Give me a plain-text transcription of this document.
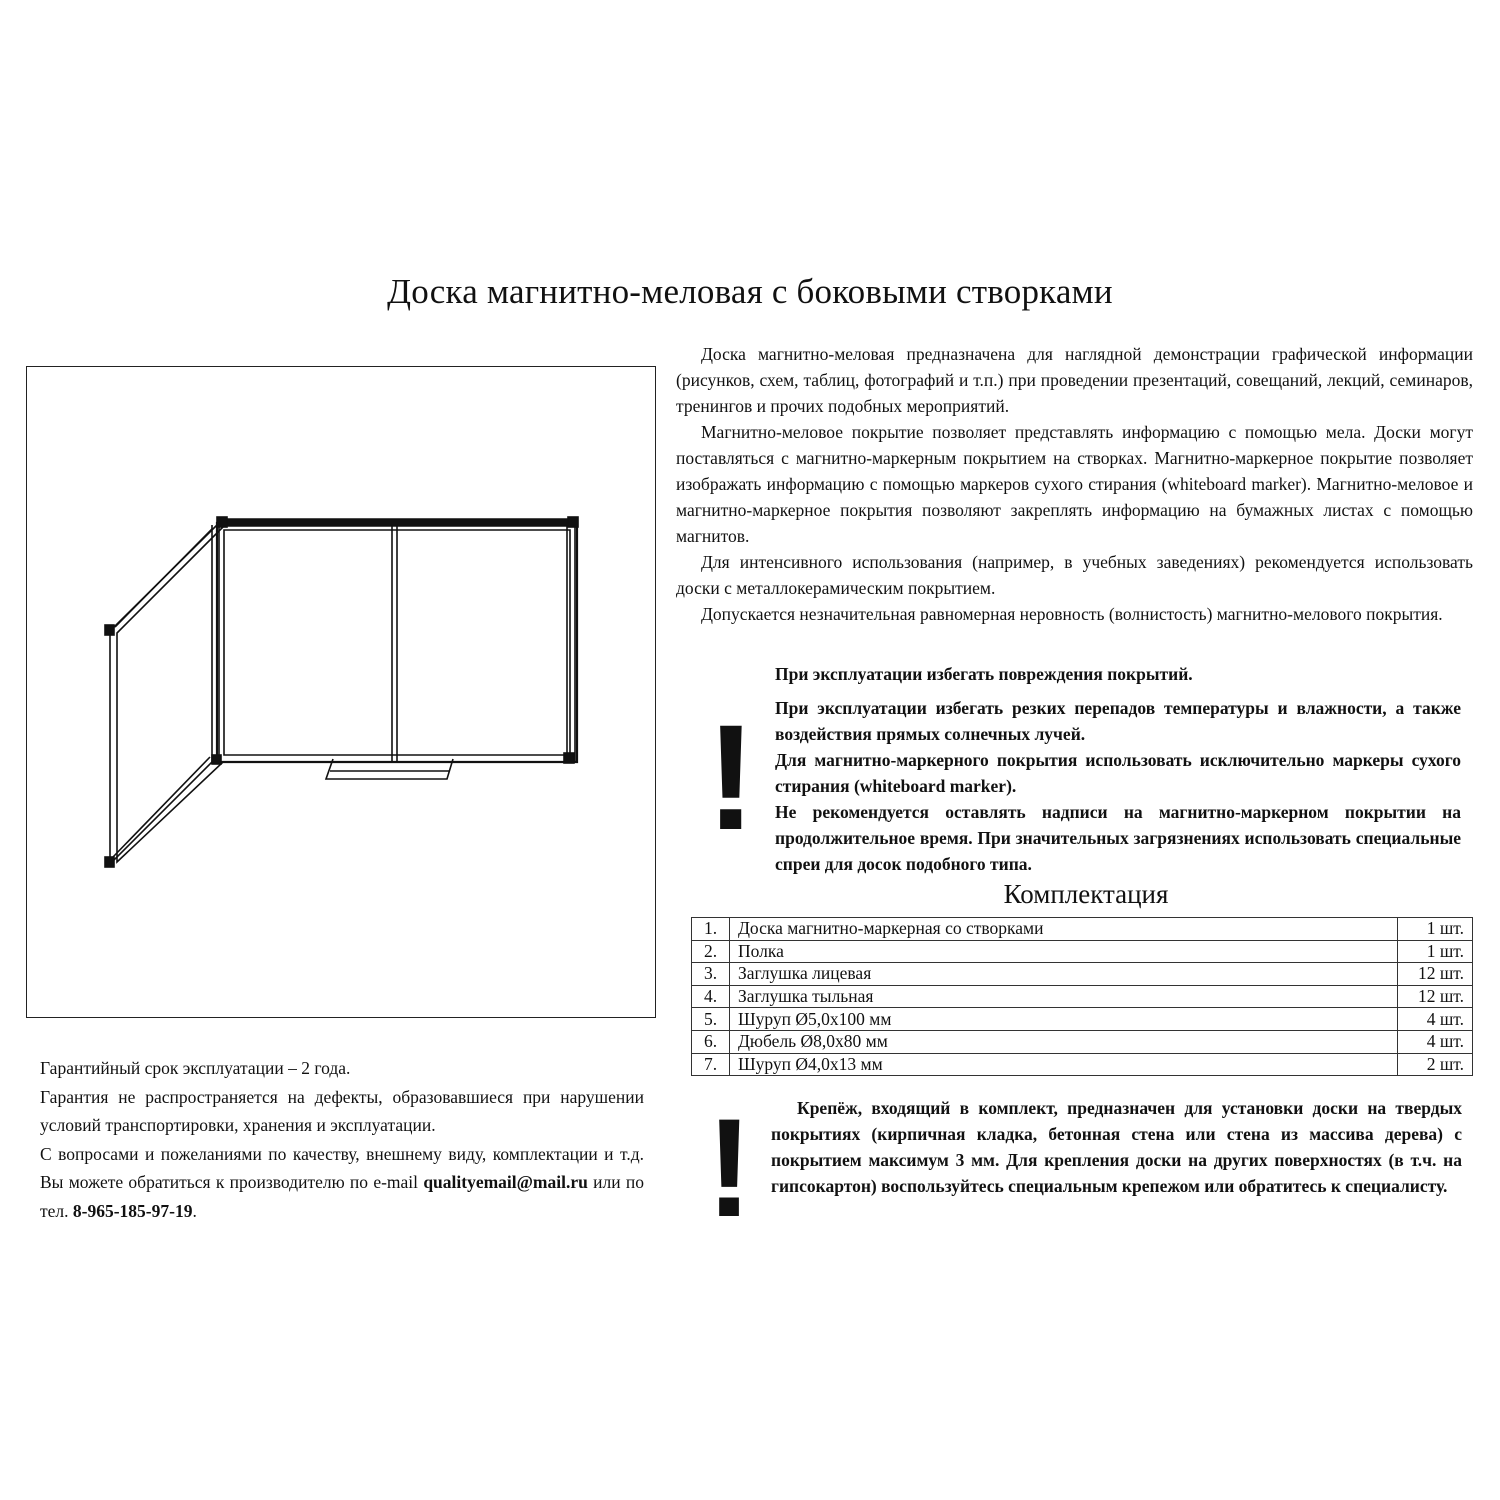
Доска магнитно-меловая с боковыми створками

Доска магнитно-меловая предназначена для наглядной демонстрации графической информации (рисунков, схем, таблиц, фотографий и т.п.) при проведении презентаций, совещаний, лекций, семинаров, тренингов и прочих подобных мероприятий.

Магнитно-меловое покрытие позволяет представлять информацию с помощью мела. Доски могут поставляться с магнитно-маркерным покрытием на створках. Магнитно-маркерное покрытие позволяет изображать информацию с помощью маркеров сухого стирания (whiteboard marker). Магнитно-меловое и магнитно-маркерное покрытия позволяют закреплять информацию на бумажных листах с помощью магнитов.

Для интенсивного использования (например, в учебных заведениях) рекомендуется использовать доски с металлокерамическим покрытием.

Допускается незначительная равномерная неровность (волнистость) магнитно-мелового покрытия.

!

При эксплуатации избегать повреждения покрытий.

При эксплуатации избегать резких перепадов температуры и влажности, а также воздействия прямых солнечных лучей.

Для магнитно-маркерного покрытия использовать исключительно маркеры сухого стирания (whiteboard marker).

Не рекомендуется оставлять надписи на магнитно-маркерном покрытии на продолжительное время. При значительных загрязнениях использовать специальные спреи для досок подобного типа.

Комплектация
1.	Доска магнитно-маркерная со створками	1 шт.
2.	Полка	1 шт.
3.	Заглушка лицевая	12 шт.
4.	Заглушка тыльная	12 шт.
5.	Шуруп Ø5,0х100 мм	4 шт.
6.	Дюбель Ø8,0х80 мм	4 шт.
7.	Шуруп Ø4,0х13 мм	2 шт.
!	Крепёж, входящий в комплект, предназначен для установки доски на твердых покрытиях (кирпичная кладка, бетонная стена или стена из массива дерева) с покрытием максимум 3 мм. Для крепления доски на других поверхностях (в т.ч. на гипсокартон) воспользуйтесь специальным крепежом или обратитесь к специалисту.

Гарантийный срок эксплуатации – 2 года.

Гарантия не распространяется на дефекты, образовавшиеся при нарушении условий транспортировки, хранения и эксплуатации.

С вопросами и пожеланиями по качеству, внешнему виду, комплектации и т.д. Вы можете обратиться к производителю по e-mail qualityemail@mail.ru или по тел. 8-965-185-97-19.
